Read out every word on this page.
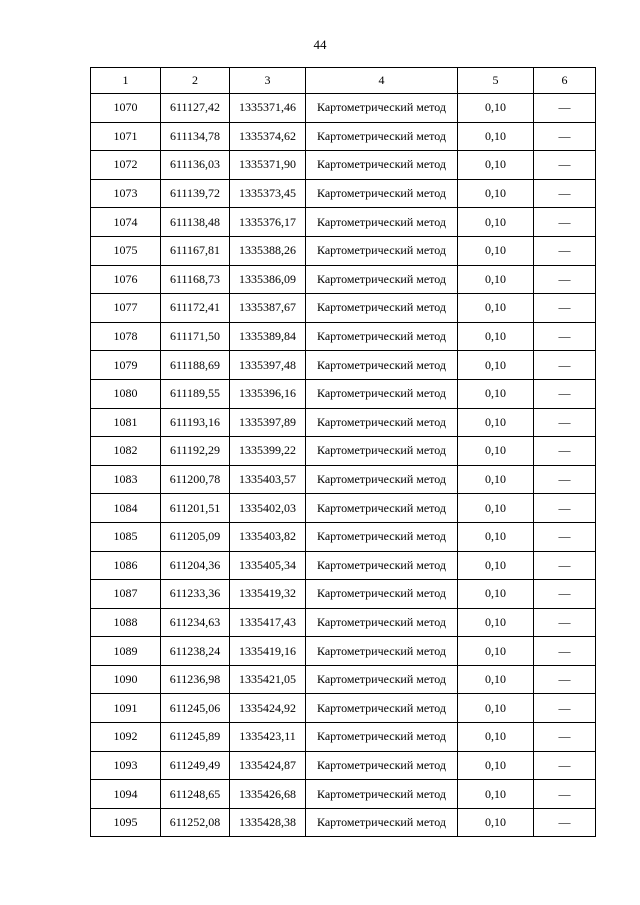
44
1	2	3	4	5	6
1070	611127,42	1335371,46	Картометрический метод	0,10	—
1071	611134,78	1335374,62	Картометрический метод	0,10	—
1072	611136,03	1335371,90	Картометрический метод	0,10	—
1073	611139,72	1335373,45	Картометрический метод	0,10	—
1074	611138,48	1335376,17	Картометрический метод	0,10	—
1075	611167,81	1335388,26	Картометрический метод	0,10	—
1076	611168,73	1335386,09	Картометрический метод	0,10	—
1077	611172,41	1335387,67	Картометрический метод	0,10	—
1078	611171,50	1335389,84	Картометрический метод	0,10	—
1079	611188,69	1335397,48	Картометрический метод	0,10	—
1080	611189,55	1335396,16	Картометрический метод	0,10	—
1081	611193,16	1335397,89	Картометрический метод	0,10	—
1082	611192,29	1335399,22	Картометрический метод	0,10	—
1083	611200,78	1335403,57	Картометрический метод	0,10	—
1084	611201,51	1335402,03	Картометрический метод	0,10	—
1085	611205,09	1335403,82	Картометрический метод	0,10	—
1086	611204,36	1335405,34	Картометрический метод	0,10	—
1087	611233,36	1335419,32	Картометрический метод	0,10	—
1088	611234,63	1335417,43	Картометрический метод	0,10	—
1089	611238,24	1335419,16	Картометрический метод	0,10	—
1090	611236,98	1335421,05	Картометрический метод	0,10	—
1091	611245,06	1335424,92	Картометрический метод	0,10	—
1092	611245,89	1335423,11	Картометрический метод	0,10	—
1093	611249,49	1335424,87	Картометрический метод	0,10	—
1094	611248,65	1335426,68	Картометрический метод	0,10	—
1095	611252,08	1335428,38	Картометрический метод	0,10	—
